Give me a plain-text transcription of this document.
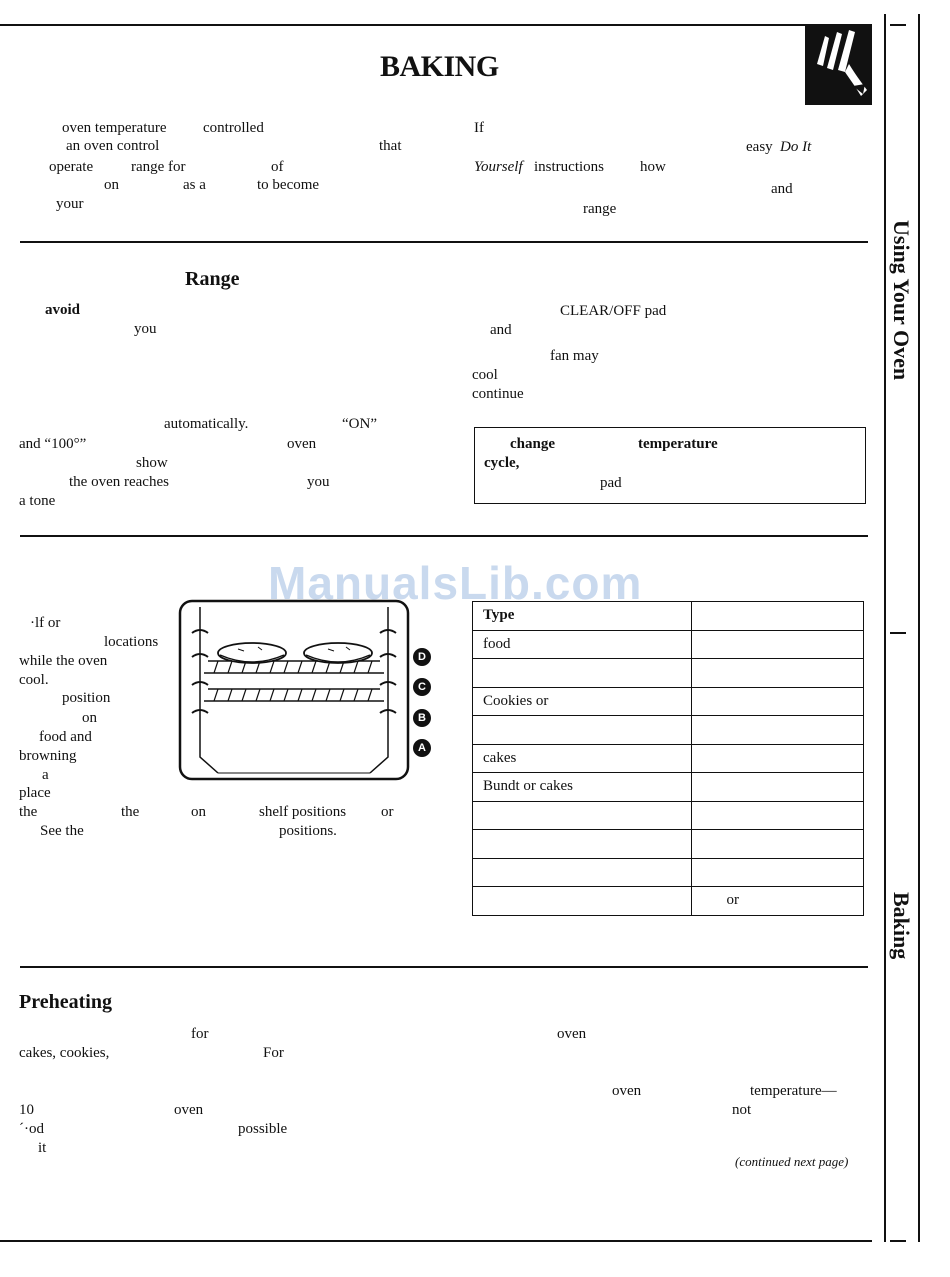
BAKING
oven temperature controlled
an oven control
operate	range for	of
on	as a	to become
your
If
that	easy Do It
Yourself instructions how
and
range
Range
avoid
you
automatically.	“ON”
and “100°”	oven
show
the oven reaches	you
a tone
CLEAR/OFF pad
and
fan may
cool
continue
change	temperature
cycle,
pad
ManualsLib.com
·lf or
locations
while the oven
cool.
position
on
food and
browning
a
place
the	the	on	shelf positions or
See the	positions.
D
C
B
A
Type	
food	

Cookies or	

cakes	
Bundt or cakes	

	or
Preheating
for	oven
cakes, cookies,	For
oven	temperature—
10	oven	not
´·od	possible
it
(continued next page)
Using Your Oven
Baking
